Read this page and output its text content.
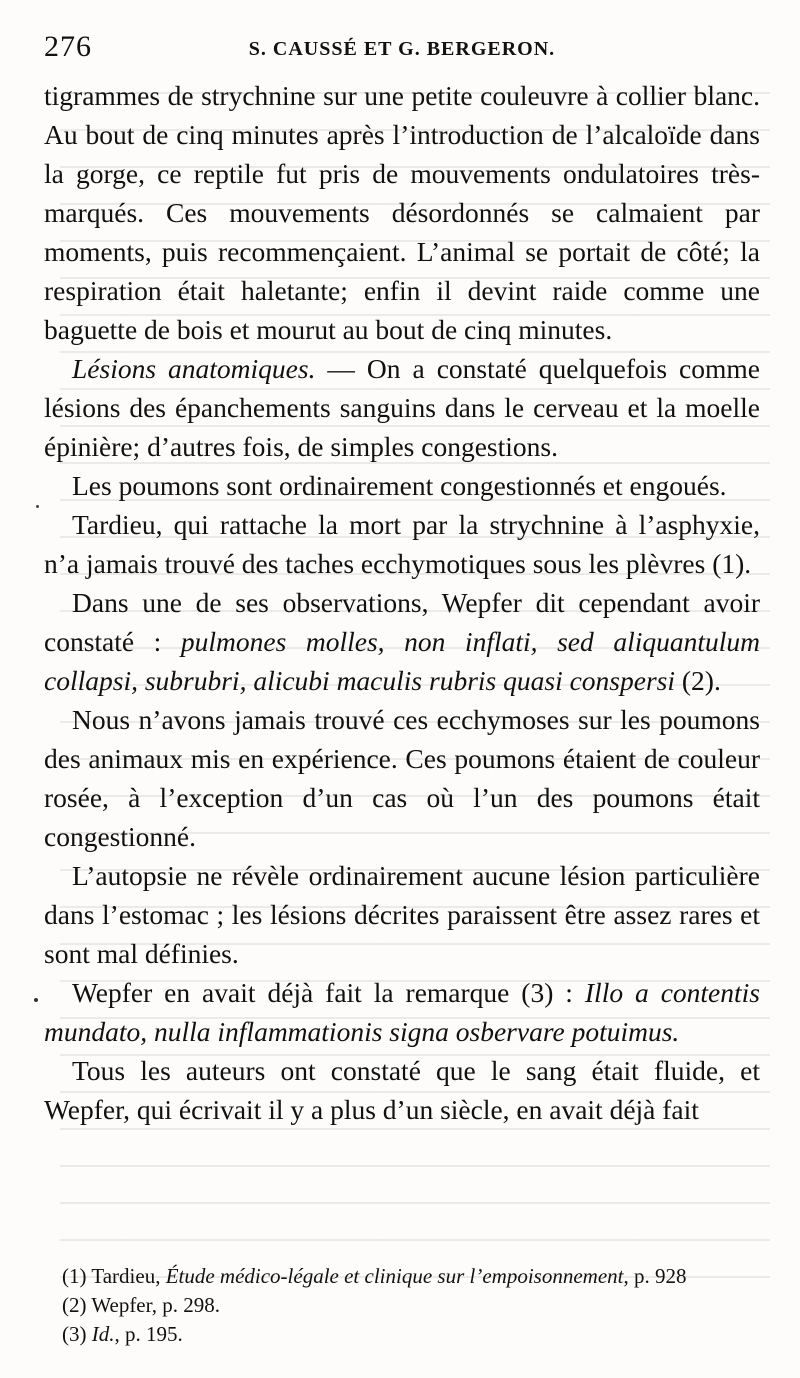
276	S. CAUSSÉ ET G. BERGERON.

tigrammes de strychnine sur une petite couleuvre à collier blanc. Au bout de cinq minutes après l’introduction de l’alcaloïde dans la gorge, ce reptile fut pris de mouvements ondulatoires très-marqués. Ces mouvements désordonnés se calmaient par moments, puis recommençaient. L’animal se portait de côté; la respiration était haletante; enfin il devint raide comme une baguette de bois et mourut au bout de cinq minutes.

Lésions anatomiques. — On a constaté quelquefois comme lésions des épanchements sanguins dans le cerveau et la moelle épinière; d’autres fois, de simples congestions.

Les poumons sont ordinairement congestionnés et engoués.

Tardieu, qui rattache la mort par la strychnine à l’asphyxie, n’a jamais trouvé des taches ecchymotiques sous les plèvres (1).

Dans une de ses observations, Wepfer dit cependant avoir constaté : pulmones molles, non inflati, sed aliquantulum collapsi, subrubri, alicubi maculis rubris quasi conspersi (2).

Nous n’avons jamais trouvé ces ecchymoses sur les poumons des animaux mis en expérience. Ces poumons étaient de couleur rosée, à l’exception d’un cas où l’un des poumons était congestionné.

L’autopsie ne révèle ordinairement aucune lésion particulière dans l’estomac ; les lésions décrites paraissent être assez rares et sont mal définies.

Wepfer en avait déjà fait la remarque (3) : Illo a contentis mundato, nulla inflammationis signa osbervare potuimus.

Tous les auteurs ont constaté que le sang était fluide, et Wepfer, qui écrivait il y a plus d’un siècle, en avait déjà fait

(1) Tardieu, Étude médico-légale et clinique sur l’empoisonnement, p. 928
(2) Wepfer, p. 298.
(3) Id., p. 195.
